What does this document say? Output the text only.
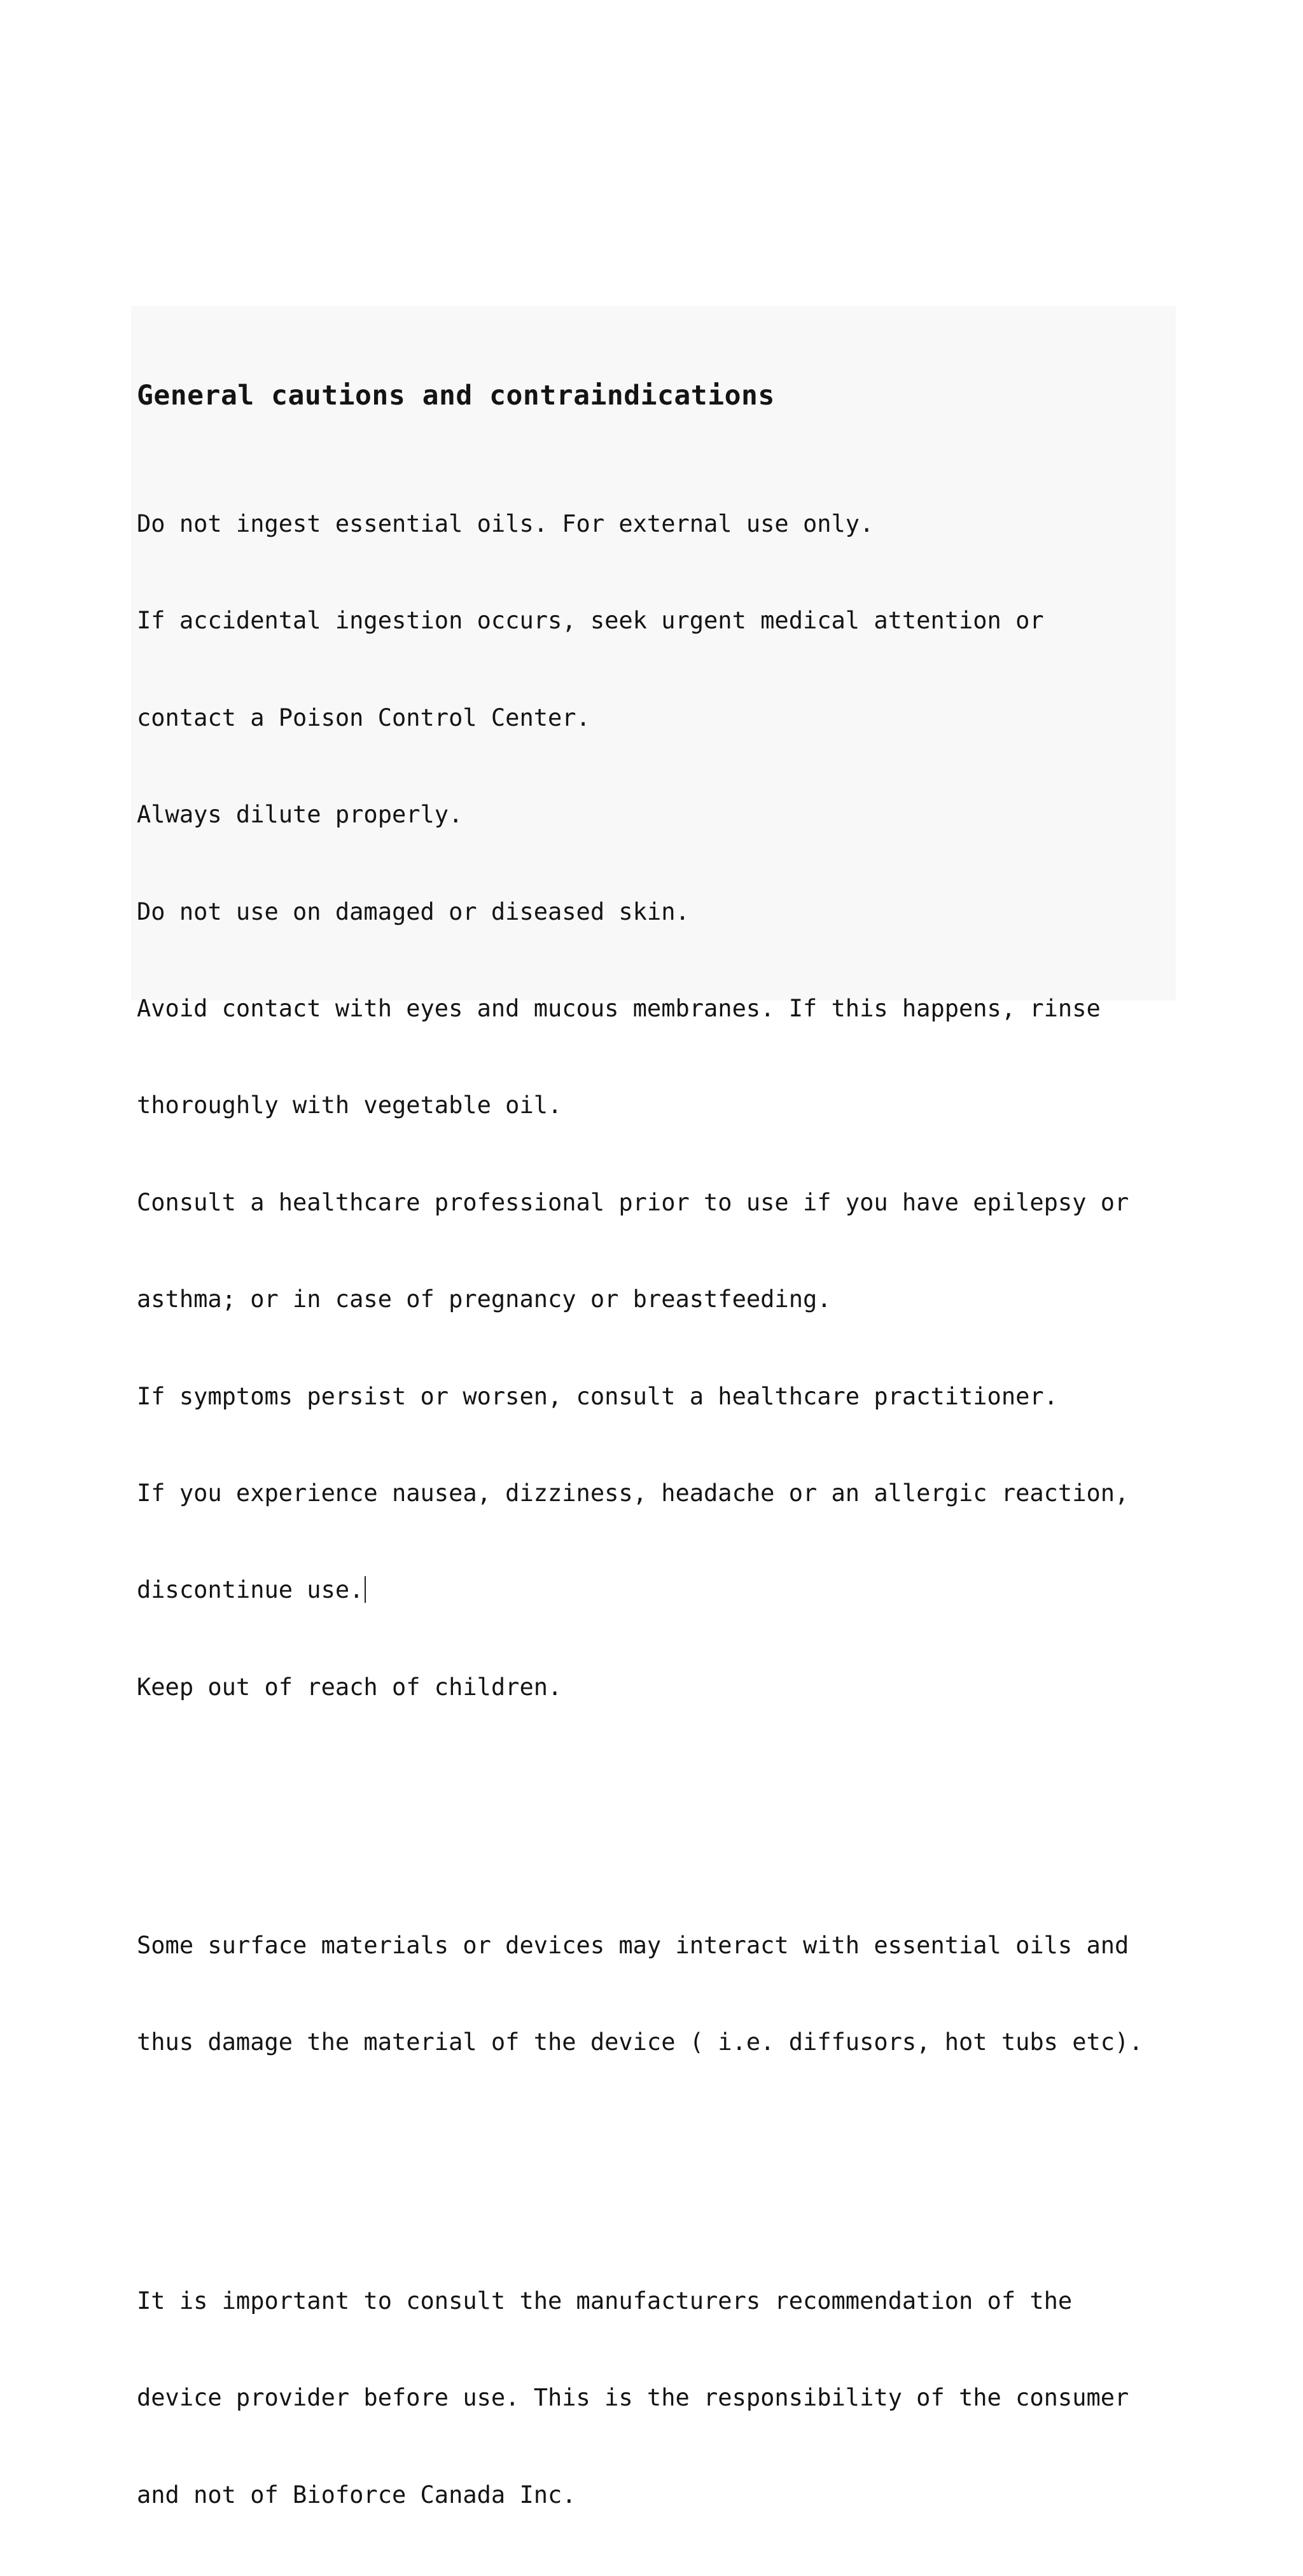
General cautions and contraindications

Do not ingest essential oils. For external use only.

If accidental ingestion occurs, seek urgent medical attention or

contact a Poison Control Center.

Always dilute properly.

Do not use on damaged or diseased skin.

Avoid contact with eyes and mucous membranes. If this happens, rinse

thoroughly with vegetable oil.

Consult a healthcare professional prior to use if you have epilepsy or

asthma; or in case of pregnancy or breastfeeding.

If symptoms persist or worsen, consult a healthcare practitioner.

If you experience nausea, dizziness, headache or an allergic reaction,

discontinue use.

Keep out of reach of children.

Some surface materials or devices may interact with essential oils and

thus damage the material of the device ( i.e. diffusors, hot tubs etc).

It is important to consult the manufacturers recommendation of the

device provider before use. This is the responsibility of the consumer

and not of Bioforce Canada Inc.
